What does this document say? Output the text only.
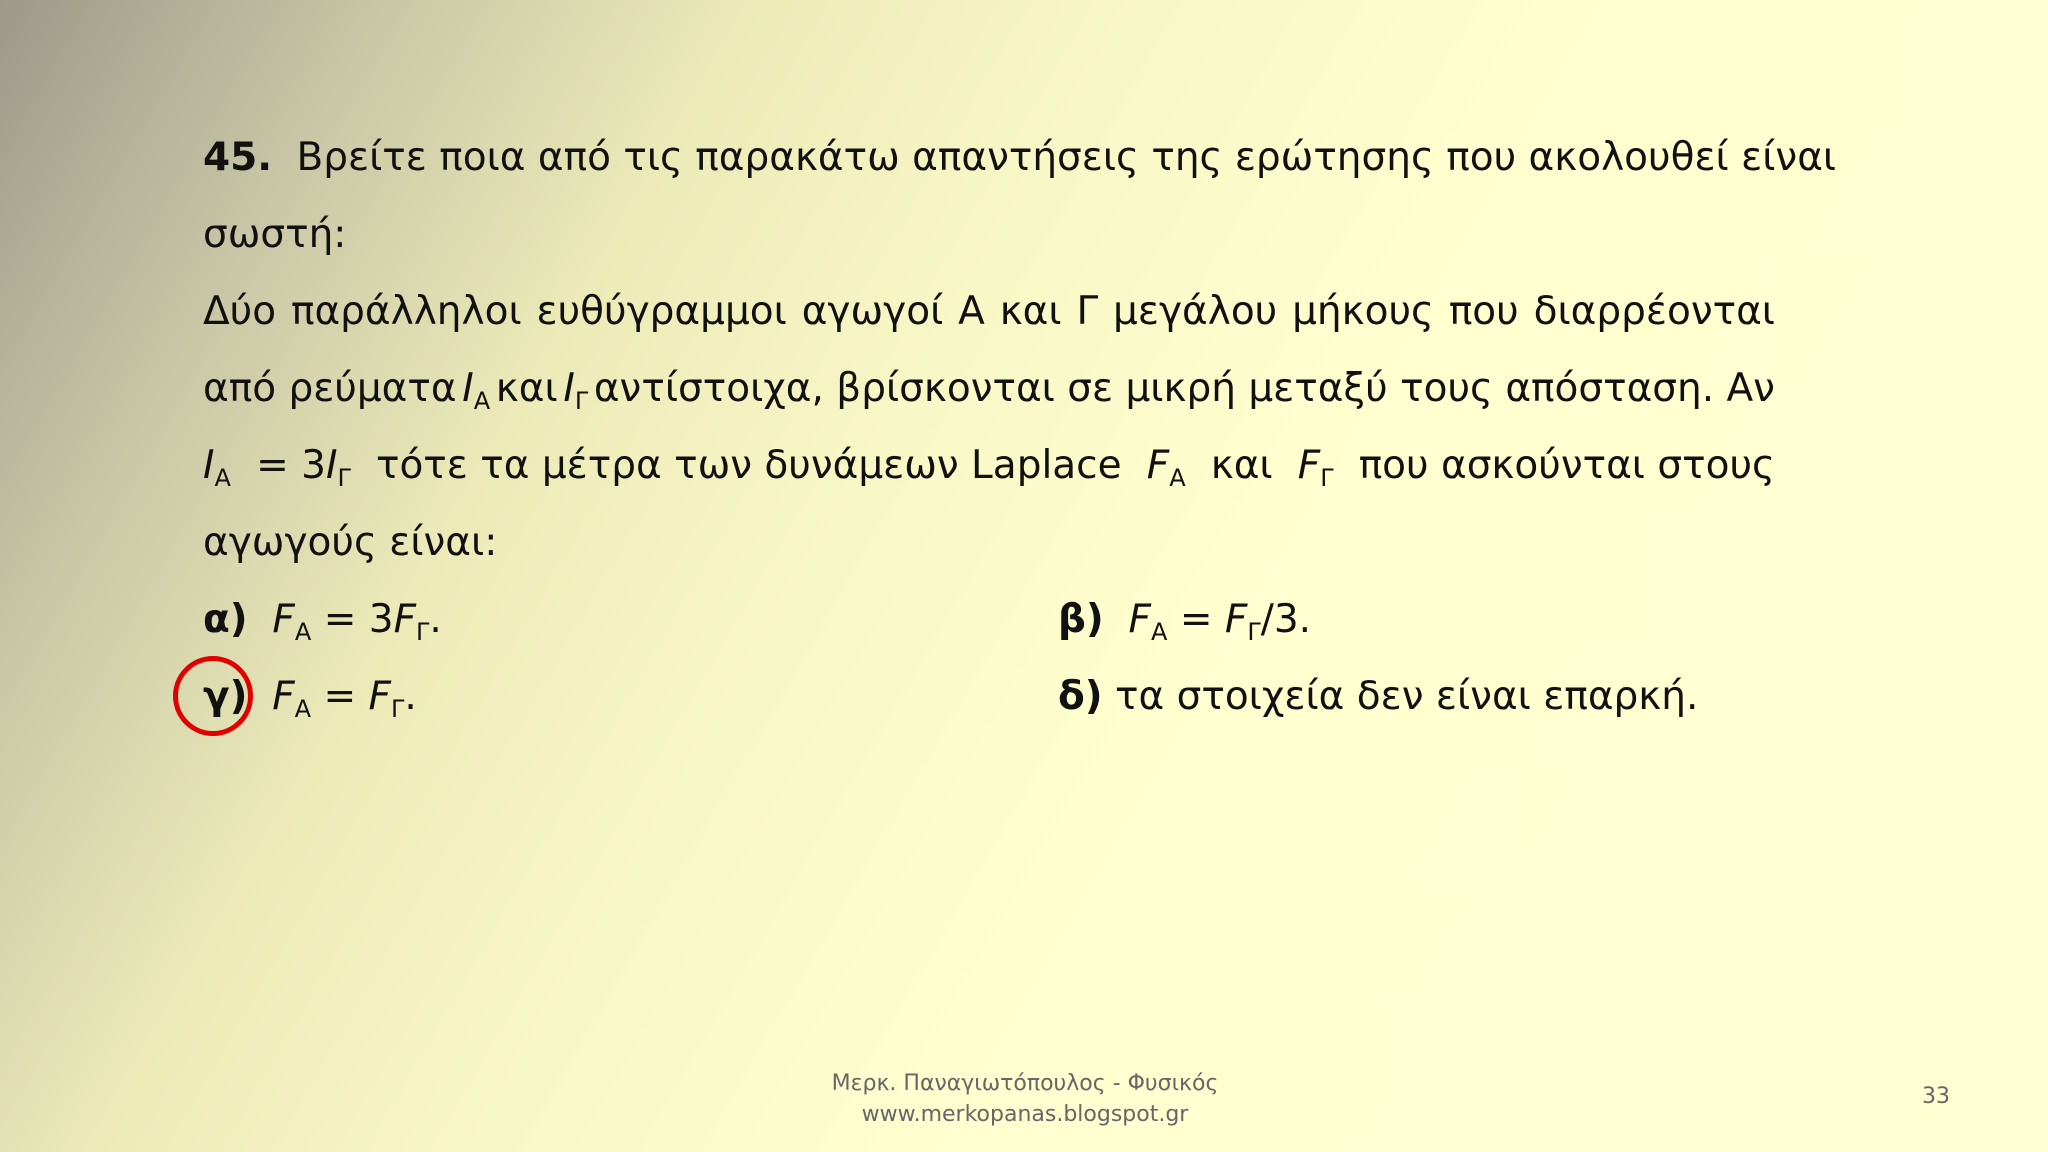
45. Βρείτε ποια από τις παρακάτω απαντήσεις της ερώτησης που ακολουθεί είναι
σωστή:
Δύο παράλληλοι ευθύγραμμοι αγωγοί Α και Γ μεγάλου μήκους που διαρρέονται
από ρεύματα $I_A$ και $I_\Gamma$ αντίστοιχα, βρίσκονται σε μικρή μεταξύ τους απόσταση. Αν
$I_A = 3I_\Gamma$ τότε τα μέτρα των δυνάμεων Laplace $F_A$ και $F_\Gamma$ που ασκούνται στους
αγωγούς είναι:
α) $F_A = 3F_\Gamma$.	β) $F_A = F_\Gamma/3$.
γ) $F_A = F_\Gamma$.	δ) τα στοιχεία δεν είναι επαρκή.
Μερκ. Παναγιωτόπουλος - Φυσικός
www.merkopanas.blogspot.gr
33
